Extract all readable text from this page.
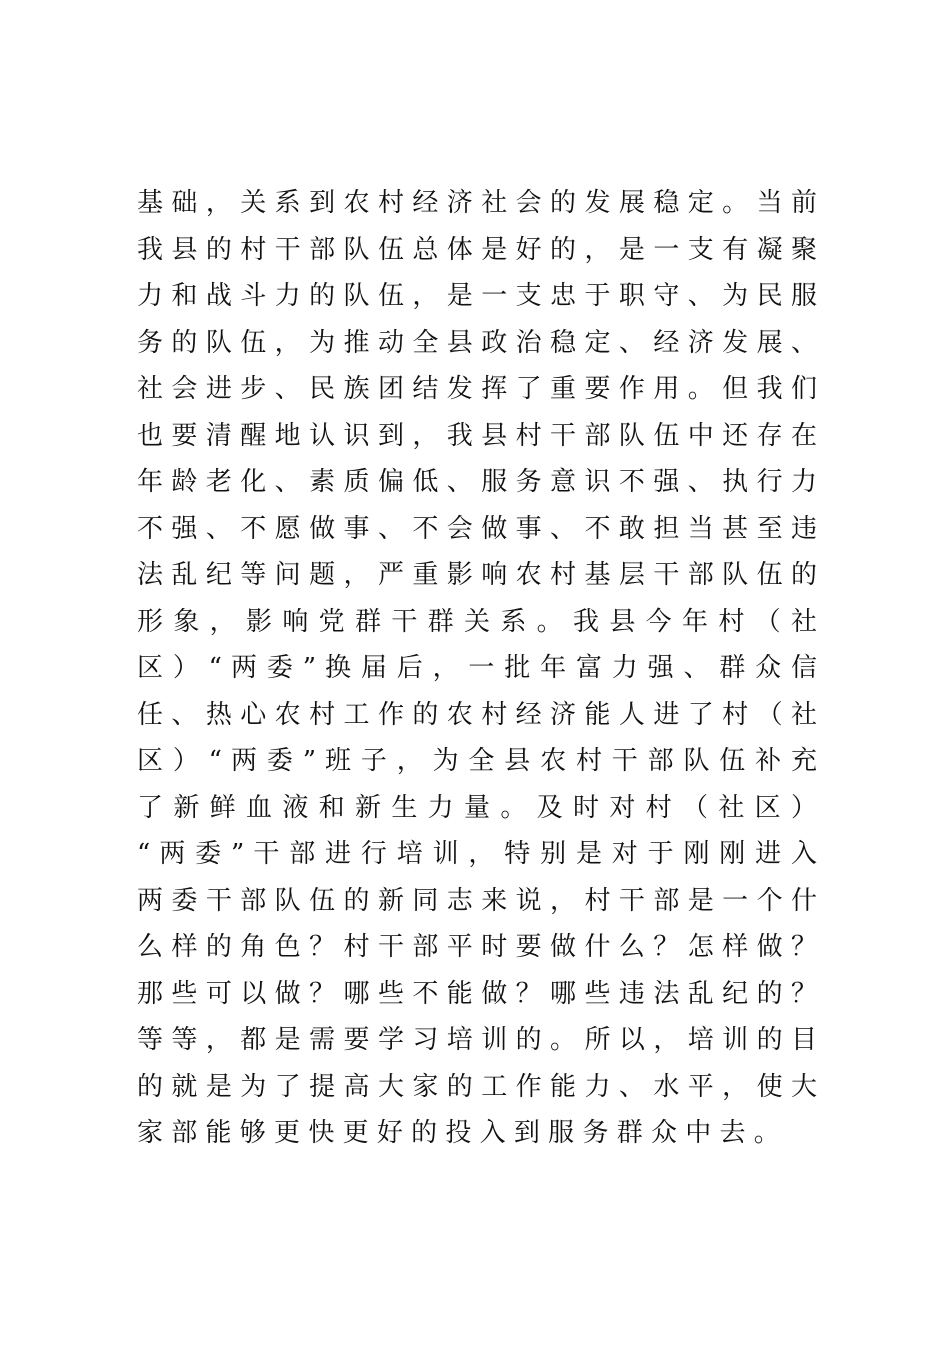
基 础 ， 关 系 到 农 村 经 济 社 会 的 发 展 稳 定 。 当 前
我 县 的 村 干 部 队 伍 总 体 是 好 的 ， 是 一 支 有 凝 聚
力 和 战 斗 力 的 队 伍 ， 是 一 支 忠 于 职 守 、 为 民 服
务 的 队 伍 ， 为 推 动 全 县 政 治 稳 定 、 经 济 发 展 、
社 会 进 步 、 民 族 团 结 发 挥 了 重 要 作 用 。 但 我 们
也 要 清 醒 地 认 识 到 ， 我 县 村 干 部 队 伍 中 还 存 在
年 龄 老 化 、 素 质 偏 低 、 服 务 意 识 不 强 、 执 行 力
不 强 、 不 愿 做 事 、 不 会 做 事 、 不 敢 担 当 甚 至 违
法 乱 纪 等 问 题 ， 严 重 影 响 农 村 基 层 干 部 队 伍 的
形 象 ， 影 响 党 群 干 群 关 系 。 我 县 今 年 村 （ 社
区 ） “ 两 委 ” 换 届 后 ， 一 批 年 富 力 强 、 群 众 信
任 、 热 心 农 村 工 作 的 农 村 经 济 能 人 进 了 村 （ 社
区 ） “ 两 委 ” 班 子 ， 为 全 县 农 村 干 部 队 伍 补 充
了 新 鲜 血 液 和 新 生 力 量 。 及 时 对 村 （ 社 区 ）
“ 两 委 ” 干 部 进 行 培 训 ， 特 别 是 对 于 刚 刚 进 入
两 委 干 部 队 伍 的 新 同 志 来 说 ， 村 干 部 是 一 个 什
么 样 的 角 色 ？ 村 干 部 平 时 要 做 什 么 ？ 怎 样 做 ？
那 些 可 以 做 ？ 哪 些 不 能 做 ？ 哪 些 违 法 乱 纪 的 ？
等 等 ， 都 是 需 要 学 习 培 训 的 。 所 以 ， 培 训 的 目
的 就 是 为 了 提 高 大 家 的 工 作 能 力 、 水 平 ， 使 大
家 部 能 够 更 快 更 好 的 投 入 到 服 务 群 众 中 去 。
